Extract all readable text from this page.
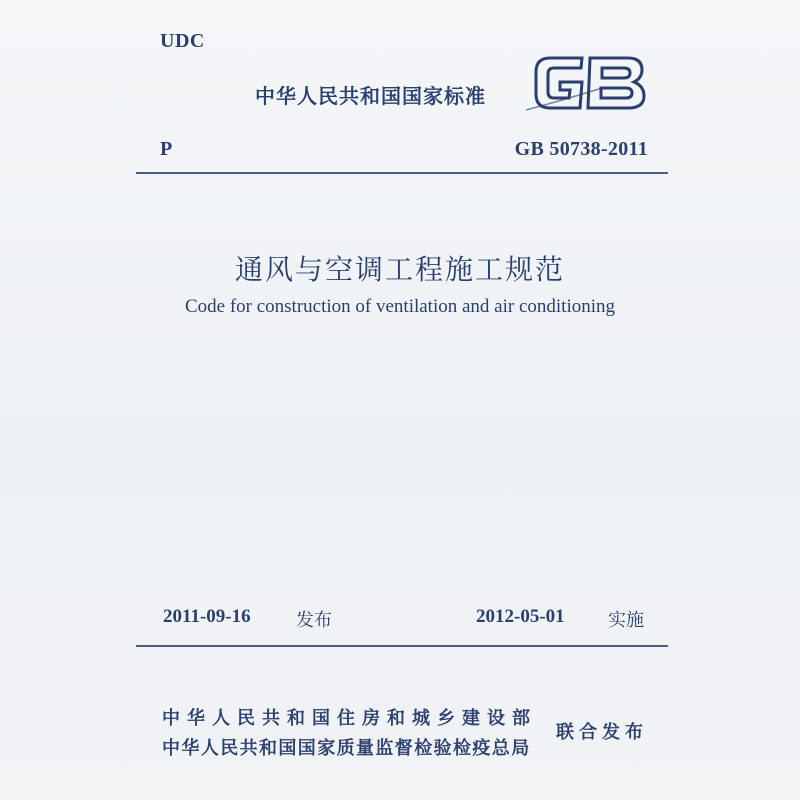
UDC
中华人民共和国国家标准
P	GB 50738-2011
通风与空调工程施工规范
Code for construction of ventilation and air conditioning
2011-09-16	发布	2012-05-01 实施
中华人民共和国住房和城乡建设部
中华人民共和国国家质量监督检验检疫总局
联合发布
